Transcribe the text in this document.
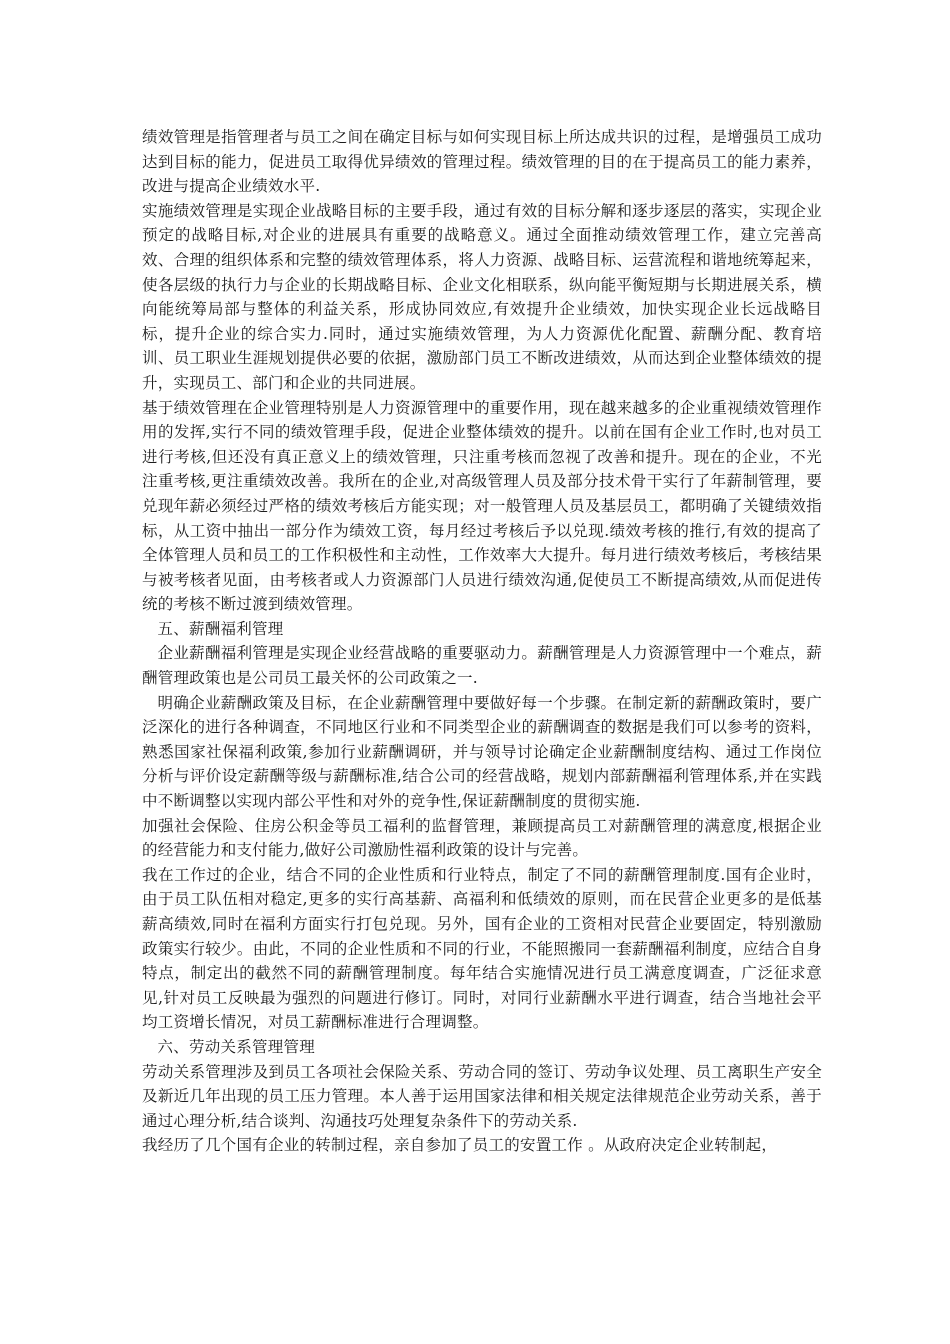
绩效管理是指管理者与员工之间在确定目标与如何实现目标上所达成共识的过程，是增强员工成功达到目标的能力，促进员工取得优异绩效的管理过程。绩效管理的目的在于提高员工的能力素养，改进与提高企业绩效水平.

实施绩效管理是实现企业战略目标的主要手段，通过有效的目标分解和逐步逐层的落实，实现企业预定的战略目标,对企业的进展具有重要的战略意义。通过全面推动绩效管理工作，建立完善高效、合理的组织体系和完整的绩效管理体系，将人力资源、战略目标、运营流程和谐地统筹起来，使各层级的执行力与企业的长期战略目标、企业文化相联系，纵向能平衡短期与长期进展关系，横向能统筹局部与整体的利益关系，形成协同效应,有效提升企业绩效，加快实现企业长远战略目标，提升企业的综合实力.同时，通过实施绩效管理，为人力资源优化配置、薪酬分配、教育培训、员工职业生涯规划提供必要的依据，激励部门员工不断改进绩效，从而达到企业整体绩效的提升，实现员工、部门和企业的共同进展。

基于绩效管理在企业管理特别是人力资源管理中的重要作用，现在越来越多的企业重视绩效管理作用的发挥,实行不同的绩效管理手段，促进企业整体绩效的提升。以前在国有企业工作时,也对员工进行考核,但还没有真正意义上的绩效管理，只注重考核而忽视了改善和提升。现在的企业，不光注重考核,更注重绩效改善。我所在的企业,对高级管理人员及部分技术骨干实行了年薪制管理，要兑现年薪必须经过严格的绩效考核后方能实现；对一般管理人员及基层员工，都明确了关键绩效指标，从工资中抽出一部分作为绩效工资，每月经过考核后予以兑现.绩效考核的推行,有效的提高了全体管理人员和员工的工作积极性和主动性，工作效率大大提升。每月进行绩效考核后，考核结果与被考核者见面，由考核者或人力资源部门人员进行绩效沟通,促使员工不断提高绩效,从而促进传统的考核不断过渡到绩效管理。

五、薪酬福利管理

企业薪酬福利管理是实现企业经营战略的重要驱动力。薪酬管理是人力资源管理中一个难点，薪酬管理政策也是公司员工最关怀的公司政策之一.

明确企业薪酬政策及目标，在企业薪酬管理中要做好每一个步骤。在制定新的薪酬政策时，要广泛深化的进行各种调查，不同地区行业和不同类型企业的薪酬调查的数据是我们可以参考的资料，熟悉国家社保福利政策,参加行业薪酬调研，并与领导讨论确定企业薪酬制度结构、通过工作岗位分析与评价设定薪酬等级与薪酬标准,结合公司的经营战略，规划内部薪酬福利管理体系,并在实践中不断调整以实现内部公平性和对外的竞争性,保证薪酬制度的贯彻实施.

加强社会保险、住房公积金等员工福利的监督管理，兼顾提高员工对薪酬管理的满意度,根据企业的经营能力和支付能力,做好公司激励性福利政策的设计与完善。

我在工作过的企业，结合不同的企业性质和行业特点，制定了不同的薪酬管理制度.国有企业时，由于员工队伍相对稳定,更多的实行高基薪、高福利和低绩效的原则，而在民营企业更多的是低基薪高绩效,同时在福利方面实行打包兑现。另外，国有企业的工资相对民营企业要固定，特别激励政策实行较少。由此，不同的企业性质和不同的行业，不能照搬同一套薪酬福利制度，应结合自身特点，制定出的截然不同的薪酬管理制度。每年结合实施情况进行员工满意度调查，广泛征求意见,针对员工反映最为强烈的问题进行修订。同时，对同行业薪酬水平进行调查，结合当地社会平均工资增长情况，对员工薪酬标准进行合理调整。

六、劳动关系管理管理

劳动关系管理涉及到员工各项社会保险关系、劳动合同的签订、劳动争议处理、员工离职生产安全及新近几年出现的员工压力管理。本人善于运用国家法律和相关规定法律规范企业劳动关系，善于通过心理分析,结合谈判、沟通技巧处理复杂条件下的劳动关系.

我经历了几个国有企业的转制过程，亲自参加了员工的安置工作 。从政府决定企业转制起，
